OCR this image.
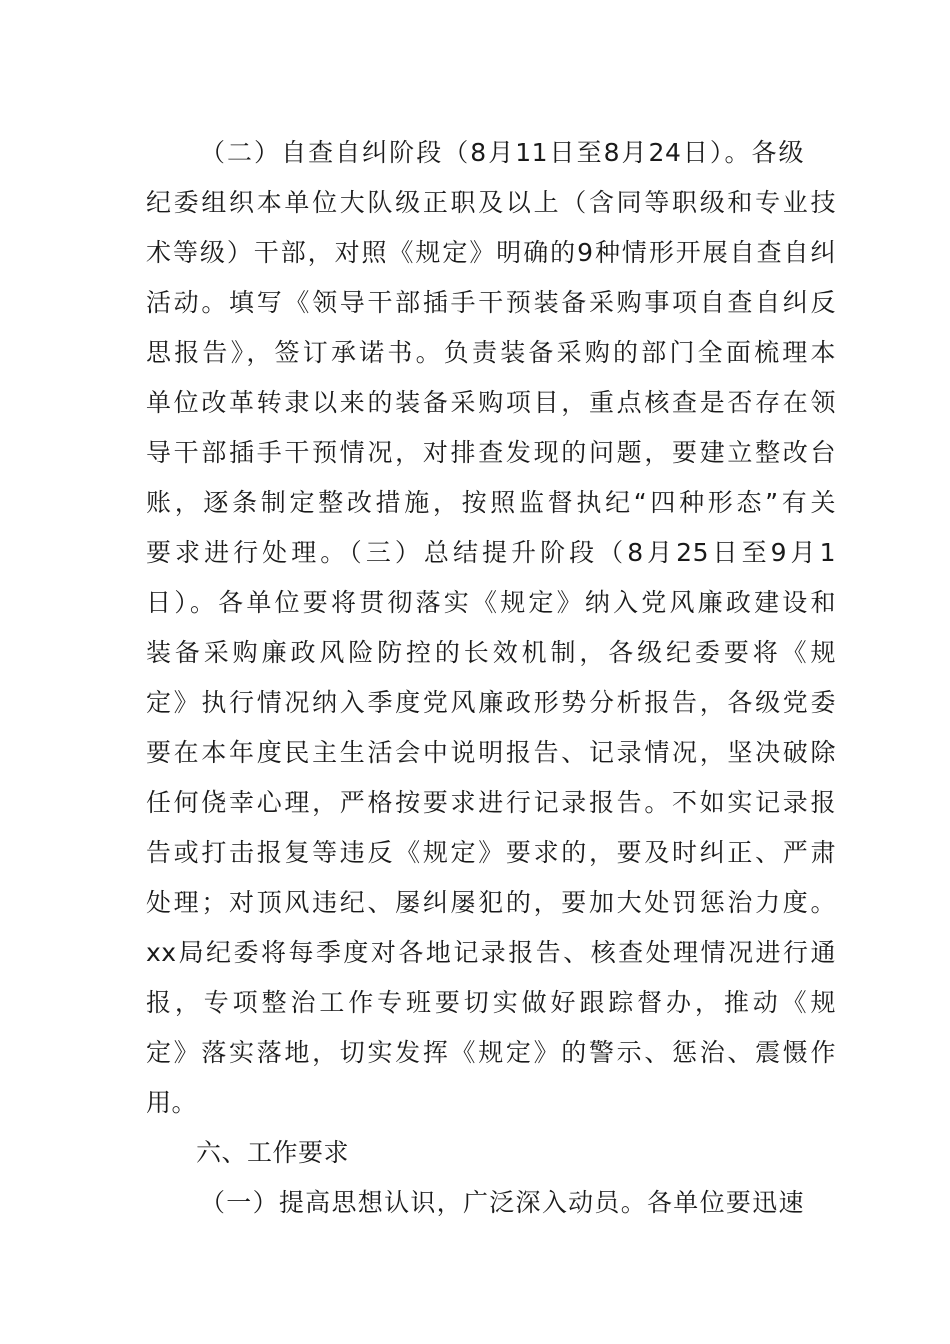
（二）自查自纠阶段（8月11日至8月24日）。各级
纪委组织本单位大队级正职及以上（含同等职级和专业技
术等级）干部，对照《规定》明确的9种情形开展自查自纠
活动。填写《领导干部插手干预装备采购事项自查自纠反
思报告》，签订承诺书。负责装备采购的部门全面梳理本
单位改革转隶以来的装备采购项目，重点核查是否存在领
导干部插手干预情况，对排查发现的问题，要建立整改台
账，逐条制定整改措施，按照监督执纪“四种形态”有关
要求进行处理。（三）总结提升阶段（8月25日至9月1
日）。各单位要将贯彻落实《规定》纳入党风廉政建设和
装备采购廉政风险防控的长效机制，各级纪委要将《规
定》执行情况纳入季度党风廉政形势分析报告，各级党委
要在本年度民主生活会中说明报告、记录情况，坚决破除
任何侥幸心理，严格按要求进行记录报告。不如实记录报
告或打击报复等违反《规定》要求的，要及时纠正、严肃
处理；对顶风违纪、屡纠屡犯的，要加大处罚惩治力度。
xx局纪委将每季度对各地记录报告、核查处理情况进行通
报，专项整治工作专班要切实做好跟踪督办，推动《规
定》落实落地，切实发挥《规定》的警示、惩治、震慑作
用。
六、工作要求
（一）提高思想认识，广泛深入动员。各单位要迅速
